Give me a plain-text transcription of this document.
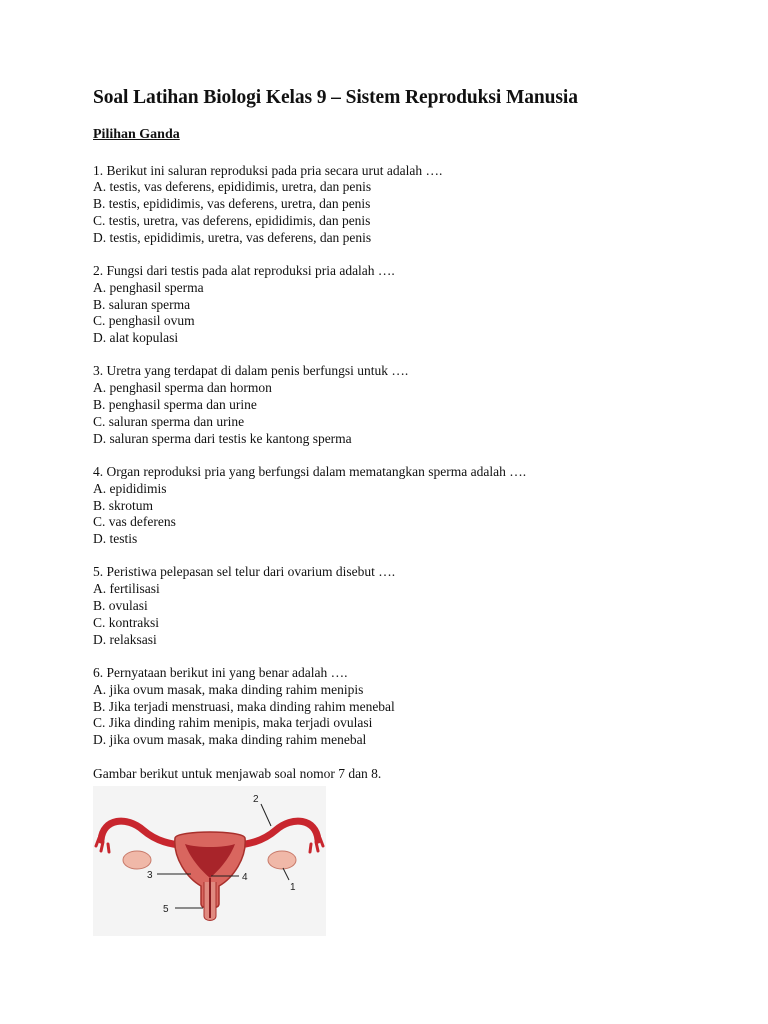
Soal Latihan Biologi Kelas 9 – Sistem Reproduksi Manusia
Pilihan Ganda
1. Berikut ini saluran reproduksi pada pria secara urut adalah ….
A. testis, vas deferens, epididimis, uretra, dan penis
B. testis, epididimis, vas deferens, uretra, dan penis
C. testis, uretra, vas deferens, epididimis, dan penis
D. testis, epididimis, uretra, vas deferens, dan penis
2. Fungsi dari testis pada alat reproduksi pria adalah ….
A. penghasil sperma
B. saluran sperma
C. penghasil ovum
D. alat kopulasi
3. Uretra yang terdapat di dalam penis berfungsi untuk ….
A. penghasil sperma dan hormon
B. penghasil sperma dan urine
C. saluran sperma dan urine
D. saluran sperma dari testis ke kantong sperma
4. Organ reproduksi pria yang berfungsi dalam mematangkan sperma adalah ….
A. epididimis
B. skrotum
C. vas deferens
D. testis
5. Peristiwa pelepasan sel telur dari ovarium disebut ….
A. fertilisasi
B. ovulasi
C. kontraksi
D. relaksasi
6. Pernyataan berikut ini yang benar adalah ….
A. jika ovum masak, maka dinding rahim menipis
B. Jika terjadi menstruasi, maka dinding rahim menebal
C. Jika dinding rahim menipis, maka terjadi ovulasi
D. jika ovum masak, maka dinding rahim menebal
Gambar berikut untuk menjawab soal nomor 7 dan 8.
2
3	4
1
5
